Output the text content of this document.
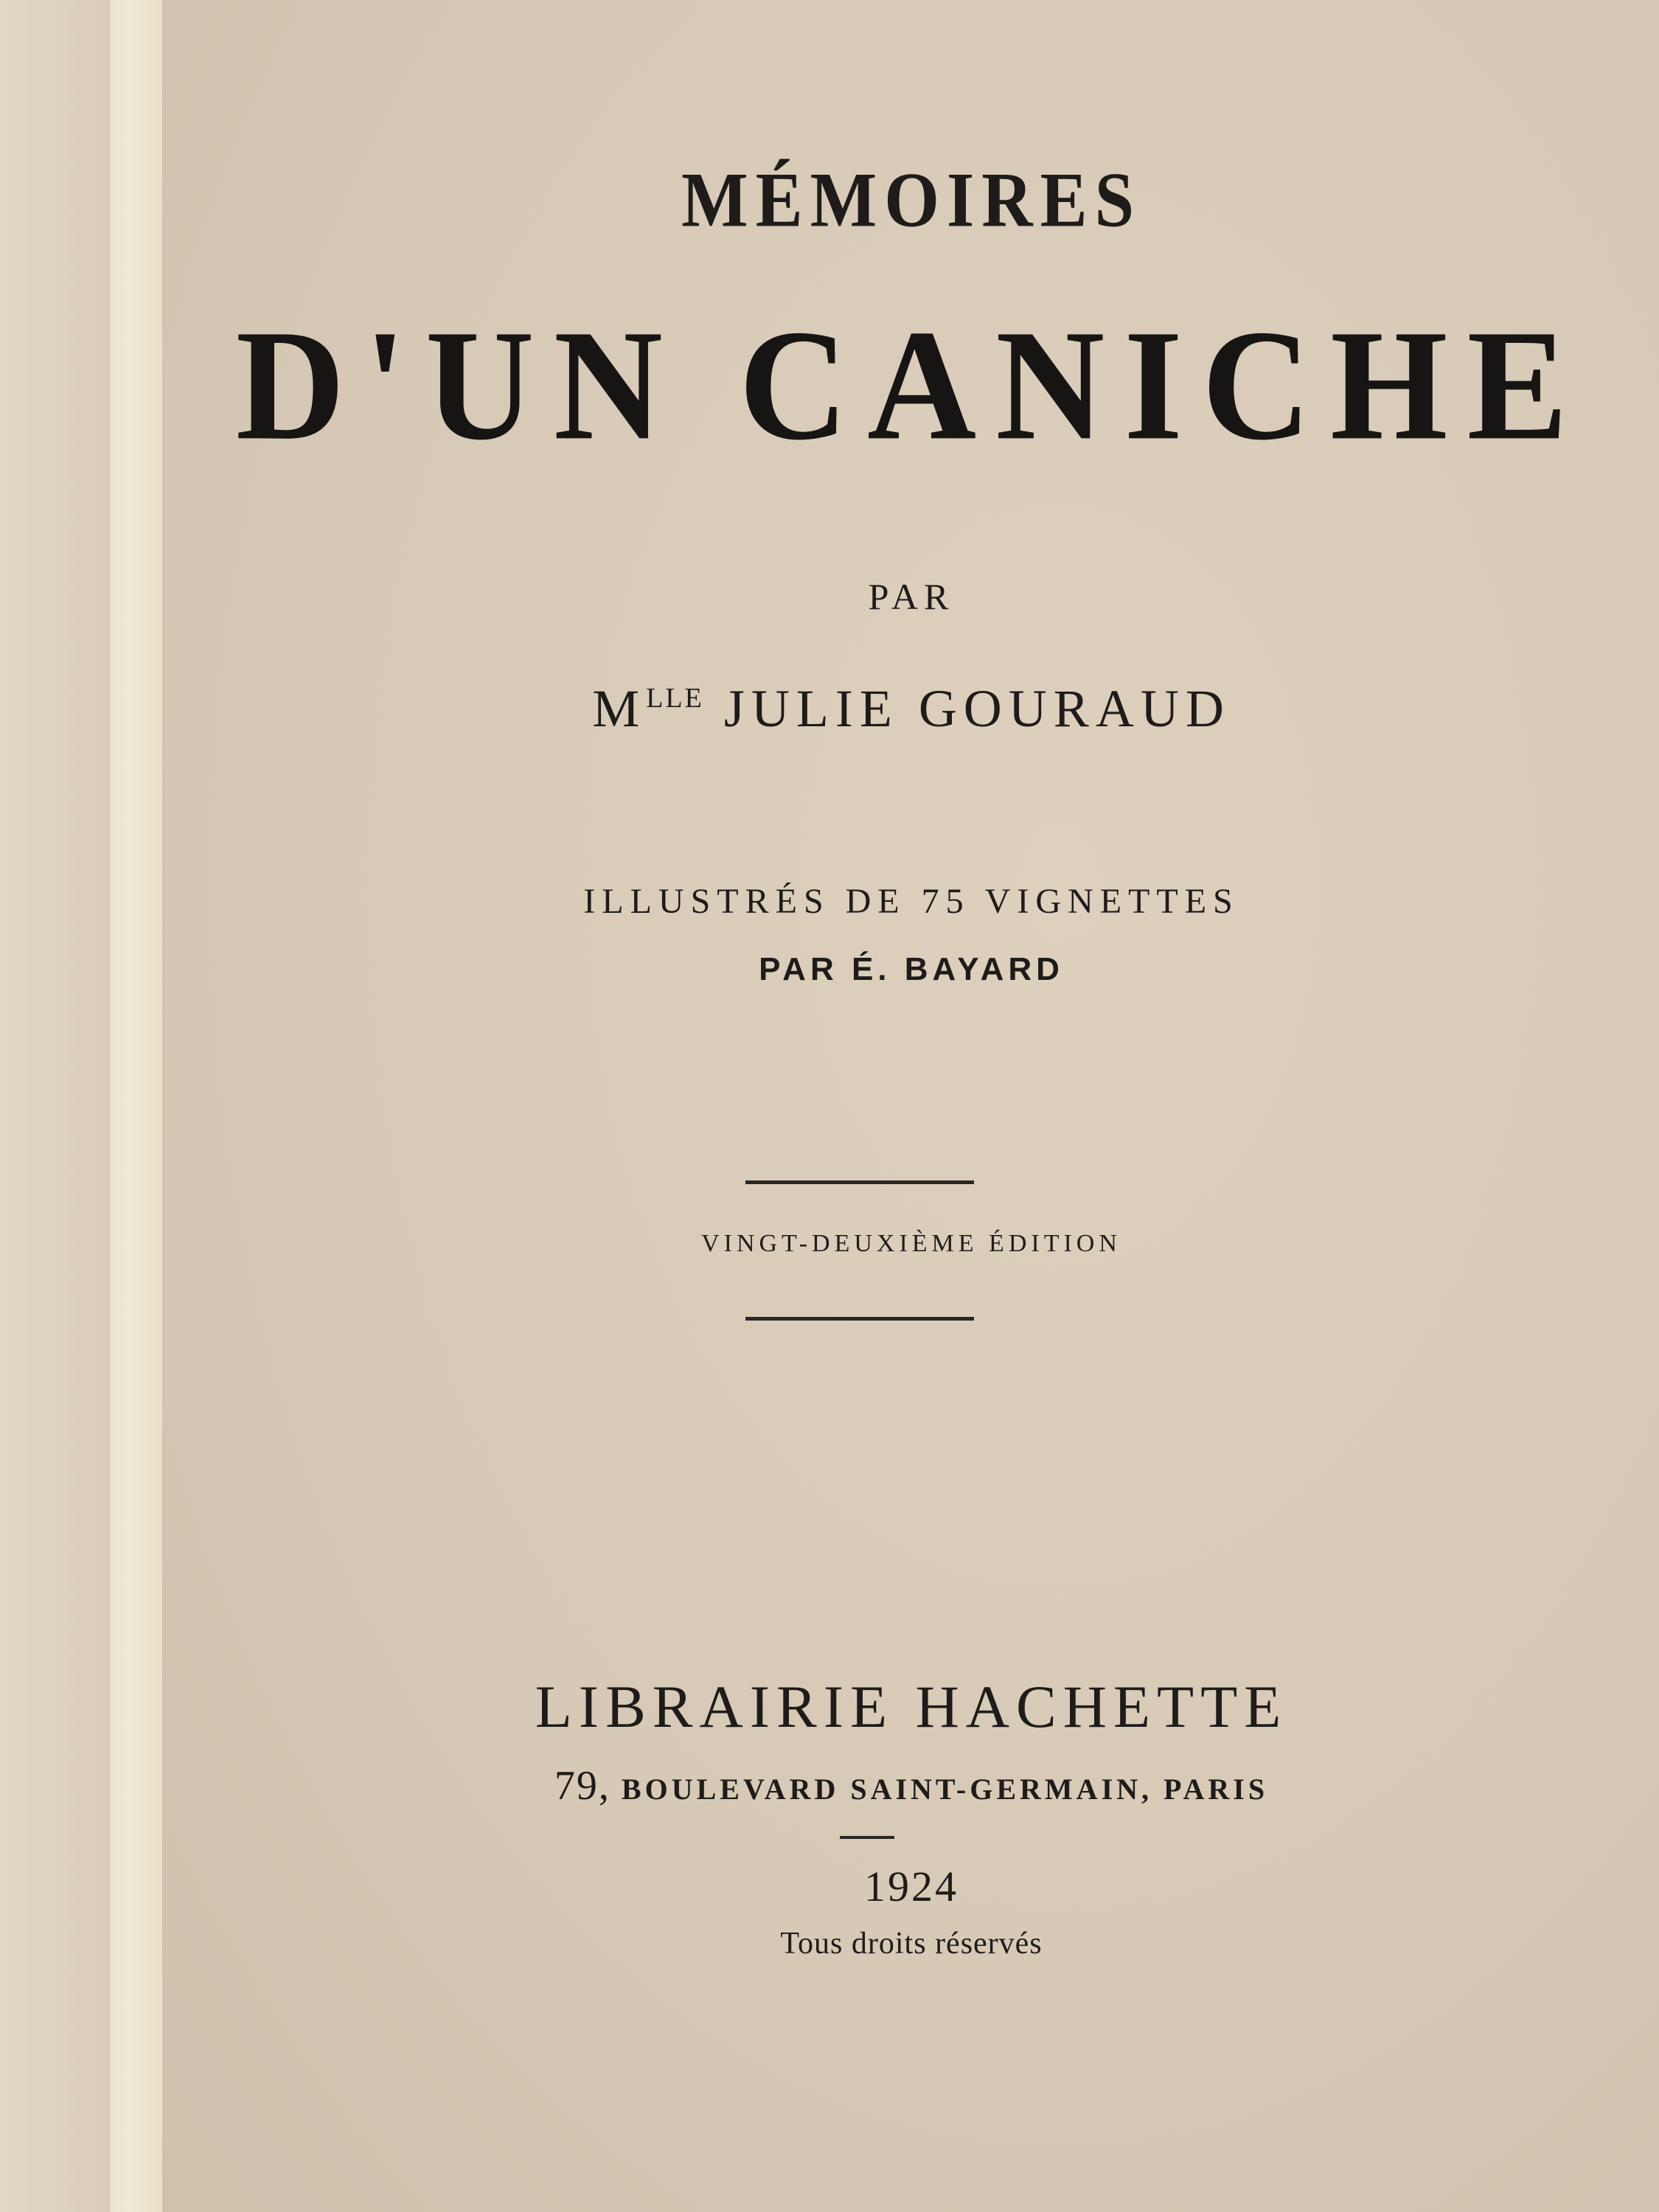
MÉMOIRES
D'UN CANICHE
PAR
$M^{LLE}$ JULIE GOURAUD
ILLUSTRÉS DE 75 VIGNETTES
PAR É. BAYARD
VINGT-DEUXIÈME ÉDITION
LIBRAIRIE HACHETTE
79, BOULEVARD SAINT-GERMAIN, PARIS
1924
Tous droits réservés
